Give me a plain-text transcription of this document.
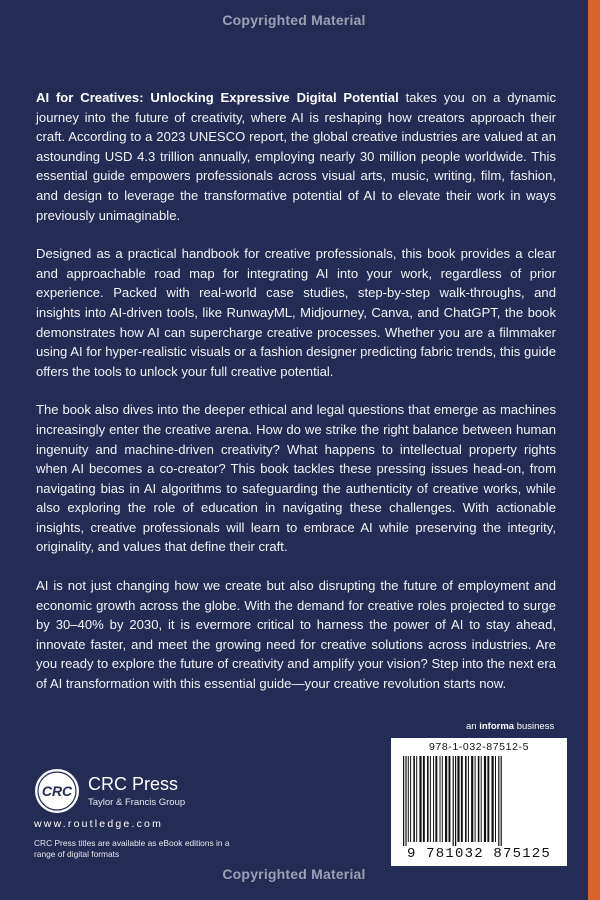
Copyrighted Material

AI for Creatives: Unlocking Expressive Digital Potential takes you on a dynamic journey into the future of creativity, where AI is reshaping how creators approach their craft. According to a 2023 UNESCO report, the global creative industries are valued at an astounding USD 4.3 trillion annually, employing nearly 30 million people worldwide. This essential guide empowers professionals across visual arts, music, writing, film, fashion, and design to leverage the transformative potential of AI to elevate their work in ways previously unimaginable.

Designed as a practical handbook for creative professionals, this book provides a clear and approachable road map for integrating AI into your work, regardless of prior experience. Packed with real-world case studies, step-by-step walk-throughs, and insights into AI-driven tools, like RunwayML, Midjourney, Canva, and ChatGPT, the book demonstrates how AI can supercharge creative processes. Whether you are a filmmaker using AI for hyper-realistic visuals or a fashion designer predicting fabric trends, this guide offers the tools to unlock your full creative potential.

The book also dives into the deeper ethical and legal questions that emerge as machines increasingly enter the creative arena. How do we strike the right balance between human ingenuity and machine-driven creativity? What happens to intellectual property rights when AI becomes a co-creator? This book tackles these pressing issues head-on, from navigating bias in AI algorithms to safeguarding the authenticity of creative works, while also exploring the role of education in navigating these challenges. With actionable insights, creative professionals will learn to embrace AI while preserving the integrity, originality, and values that define their craft.

AI is not just changing how we create but also disrupting the future of employment and economic growth across the globe. With the demand for creative roles projected to surge by 30–40% by 2030, it is evermore critical to harness the power of AI to stay ahead, innovate faster, and meet the growing need for creative solutions across industries. Are you ready to explore the future of creativity and amplify your vision? Step into the next era of AI transformation with this essential guide—your creative revolution starts now.

an informa business
978-1-032-87512-5
9 781032 875125
CRC CRC Press
Taylor & Francis Group
www.routledge.com
CRC Press titles are available as eBook editions in a range of digital formats
Copyrighted Material
